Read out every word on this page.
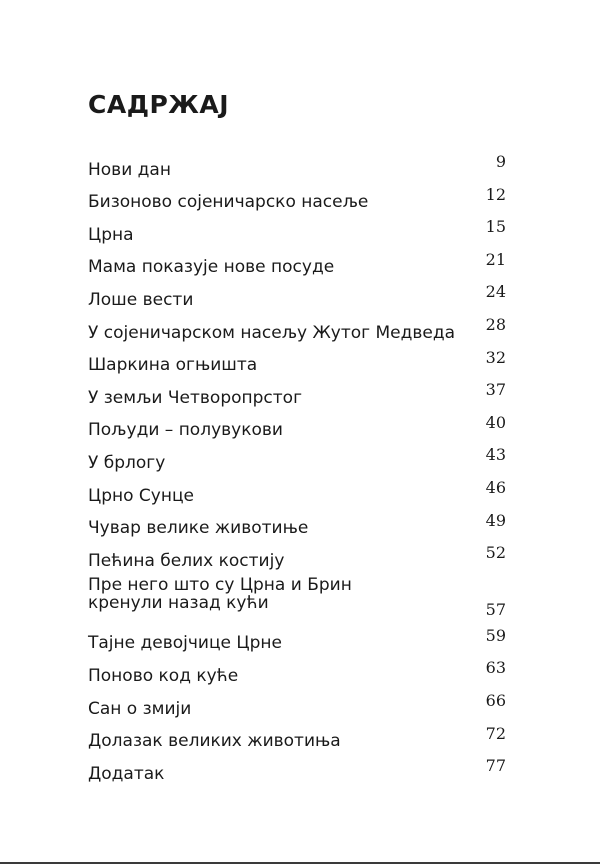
САДРЖАЈ
Нови дан	9
Бизоново сојеничарско насеље	12
Црна	15
Мама показује нове посуде	21
Лоше вести	24
У сојеничарском насељу Жутог Медведа	28
Шаркина огњишта	32
У земљи Четворопрстог	37
Пољуди – полувукови	40
У брлогу	43
Црно Сунце	46
Чувар велике животиње	49
Пећина белих костију	52
Пре него што су Црна и Брин
кренули назад кући	57
Тајне девојчице Црне	59
Поново код куће	63
Сан о змији	66
Долазак великих животиња	72
Додатак	77
